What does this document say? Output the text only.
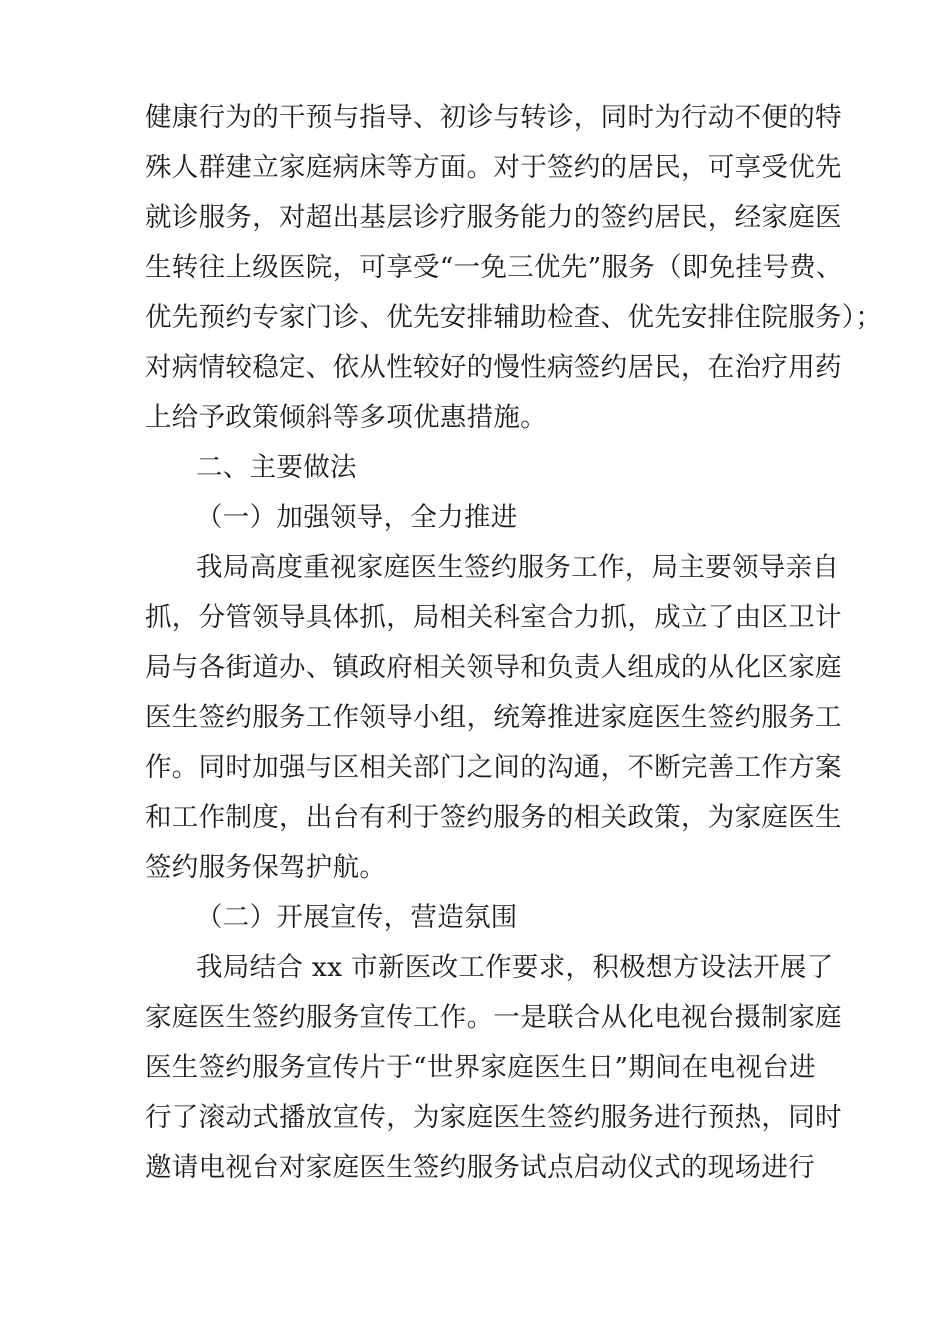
健康行为的干预与指导、初诊与转诊，同时为行动不便的特
殊人群建立家庭病床等方面。对于签约的居民，可享受优先
就诊服务，对超出基层诊疗服务能力的签约居民，经家庭医
生转往上级医院，可享受“一免三优先”服务（即免挂号费、
优先预约专家门诊、优先安排辅助检查、优先安排住院服务）；
对病情较稳定、依从性较好的慢性病签约居民，在治疗用药
上给予政策倾斜等多项优惠措施。
二、主要做法
（一）加强领导，全力推进
我局高度重视家庭医生签约服务工作，局主要领导亲自
抓，分管领导具体抓，局相关科室合力抓，成立了由区卫计
局与各街道办、镇政府相关领导和负责人组成的从化区家庭
医生签约服务工作领导小组，统筹推进家庭医生签约服务工
作。同时加强与区相关部门之间的沟通，不断完善工作方案
和工作制度，出台有利于签约服务的相关政策，为家庭医生
签约服务保驾护航。
（二）开展宣传，营造氛围
我局结合 xx 市新医改工作要求，积极想方设法开展了
家庭医生签约服务宣传工作。一是联合从化电视台摄制家庭
医生签约服务宣传片于“世界家庭医生日”期间在电视台进
行了滚动式播放宣传，为家庭医生签约服务进行预热，同时
邀请电视台对家庭医生签约服务试点启动仪式的现场进行
